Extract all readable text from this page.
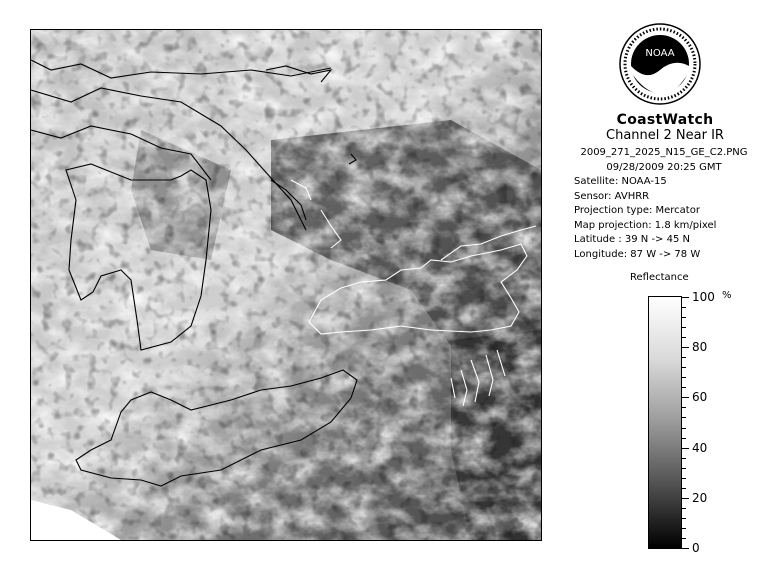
NOAA
CoastWatch
Channel 2 Near IR
2009_271_2025_N15_GE_C2.PNG
09/28/2009 20:25 GMT
Satellite: NOAA-15
Sensor: AVHRR
Projection type: Mercator
Map projection: 1.8 km/pixel
Latitude : 39 N -> 45 N
Longitude: 87 W -> 78 W
Reflectance
%
100
80
60
40
20
0
